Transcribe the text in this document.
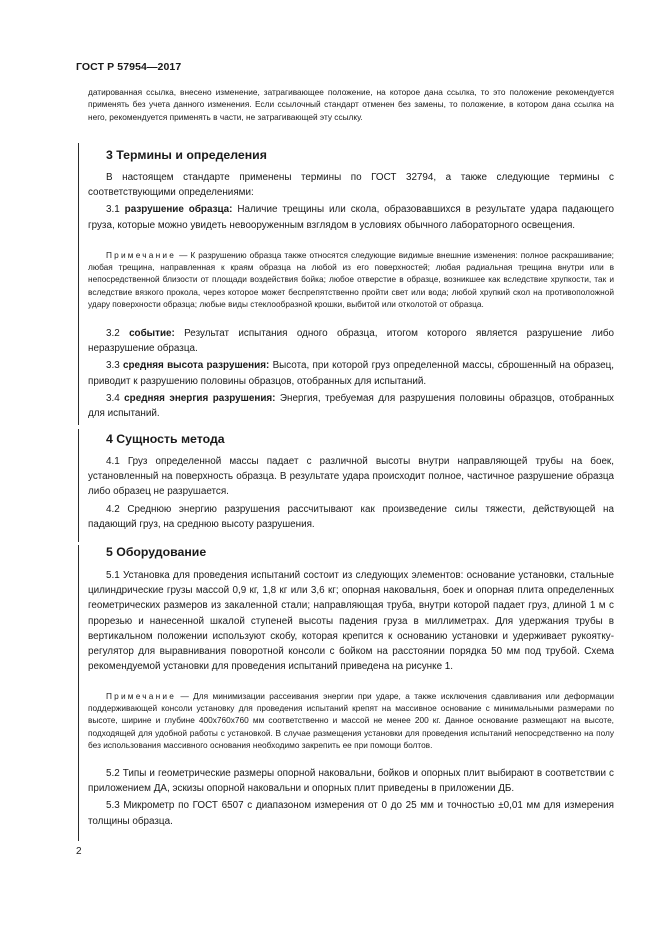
ГОСТ Р 57954—2017

датированная ссылка, внесено изменение, затрагивающее положение, на которое дана ссылка, то это положение рекомендуется применять без учета данного изменения. Если ссылочный стандарт отменен без замены, то положение, в котором дана ссылка на него, рекомендуется применять в части, не затрагивающей эту ссылку.

3 Термины и определения

В настоящем стандарте применены термины по ГОСТ 32794, а также следующие термины с соответствующими определениями:

3.1 разрушение образца: Наличие трещины или скола, образовавшихся в результате удара падающего груза, которые можно увидеть невооруженным взглядом в условиях обычного лабораторного освещения.

Примечание — К разрушению образца также относятся следующие видимые внешние изменения: полное раскрашивание; любая трещина, направленная к краям образца на любой из его поверхностей; любая радиальная трещина внутри или в непосредственной близости от площади воздействия бойка; любое отверстие в образце, возникшее как вследствие хрупкости, так и вследствие вязкого прокола, через которое может беспрепятственно пройти свет или вода; любой хрупкий скол на противоположной удару поверхности образца; любые виды стеклообразной крошки, выбитой или отколотой от образца.

3.2 событие: Результат испытания одного образца, итогом которого является разрушение либо неразрушение образца.

3.3 средняя высота разрушения: Высота, при которой груз определенной массы, сброшенный на образец, приводит к разрушению половины образцов, отобранных для испытаний.

3.4 средняя энергия разрушения: Энергия, требуемая для разрушения половины образцов, отобранных для испытаний.

4 Сущность метода

4.1 Груз определенной массы падает с различной высоты внутри направляющей трубы на боек, установленный на поверхность образца. В результате удара происходит полное, частичное разрушение образца либо образец не разрушается.

4.2 Среднюю энергию разрушения рассчитывают как произведение силы тяжести, действующей на падающий груз, на среднюю высоту разрушения.

5 Оборудование

5.1 Установка для проведения испытаний состоит из следующих элементов: основание установки, стальные цилиндрические грузы массой 0,9 кг, 1,8 кг или 3,6 кг; опорная наковальня, боек и опорная плита определенных геометрических размеров из закаленной стали; направляющая труба, внутри которой падает груз, длиной 1 м с прорезью и нанесенной шкалой ступеней высоты падения груза в миллиметрах. Для удержания трубы в вертикальном положении используют скобу, которая крепится к основанию установки и удерживает рукоятку-регулятор для выравнивания поворотной консоли с бойком на расстоянии порядка 50 мм под трубой. Схема рекомендуемой установки для проведения испытаний приведена на рисунке 1.

Примечание — Для минимизации рассеивания энергии при ударе, а также исключения сдавливания или деформации поддерживающей консоли установку для проведения испытаний крепят на массивное основание с минимальными размерами по высоте, ширине и глубине 400х760х760 мм соответственно и массой не менее 200 кг. Данное основание размещают на высоте, подходящей для удобной работы с установкой. В случае размещения установки для проведения испытаний непосредственно на полу без использования массивного основания необходимо закрепить ее при помощи болтов.

5.2 Типы и геометрические размеры опорной наковальни, бойков и опорных плит выбирают в соответствии с приложением ДА, эскизы опорной наковальни и опорных плит приведены в приложении ДБ.

5.3 Микрометр по ГОСТ 6507 с диапазоном измерения от 0 до 25 мм и точностью ±0,01 мм для измерения толщины образца.

2
